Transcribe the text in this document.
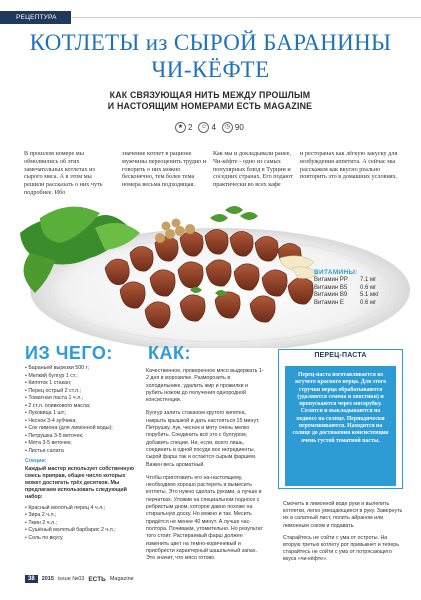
РЕЦЕПТУРА
КОТЛЕТЫ из СЫРОЙ БАРАНИНЫ
ЧИ-КЁФТЕ
КАК СВЯЗУЮЩАЯ НИТЬ МЕЖДУ ПРОШЛЫМ
И НАСТОЯЩИМ НОМЕРАМИ ЕСТЬ MAGAZINE
★ 2	☺ 4	◷ 90
В прошлом номере мы обмолвились об этих замечательных котлетах из сырого мяса. А в этом мы решили рассказать о них чуть подробнее. Ибо
значение котлет в рационе мужчины переоценить трудно и говорить о них можно бесконечно, тем более тема номера весьма подходящая.
Как мы и докладывали ранее, Чи-кёфте - одно из самых популярных блюд в Турции и соседних странах. Его подают практически во всех кафе
и ресторанах как лёгкую закуску для возбуждения аппетита. А сейчас мы расскажем как вкусно реально повторить это в домашних условиях.
ВИТАМИНЫ:
Витамин PP	7.1 мг
Витамин B5	0.6 мг
Витамин B9	5.1 мкг
Витамин E	0.6 мг
ИЗ ЧЕГО: КАК:
• Бараньей вырезки 500 г;
• Мелкий булгур 1 ст.;
• Кипяток 1 стакан;
• Перец острый 2 ст.л.;
• Томатная паста 1 ч.л.;
• 2 ст.л. оливкового масла;
• Луковица 1 шт.;
• Чеснок 3-4 зубчика;
• Сок лимона (для лимонной воды);
• Петрушка 3-5 веточек;
• Мята 3-5 веточек;
• Листья салата
Специи:
Каждый мастер использует собственную смесь приправ, общее число которых может достигать трёх десятков. Мы предлагаем использовать следующий набор:
• Красный молотый перец 4 ч.л.;
• Зира 2 ч.л.;
• Тмин 2 ч.л.;
• Сушёный молотый барбарис 2 ч.л.;
• Соль по вкусу.

Качественное, проверенное мясо выдержать 1-2 дня в морозилке. Разморозить в холодильнике, удалить жир и прожилки и рубить ножом до получения однородной консистенции.

Булгур залить стаканом крутого кипятка, накрыть крышкой и дать настояться 15 минут. Петрушку, лук, чеснок и мяту очень мелко порубить. Соединить всё это с булгуром, добавить специи. Ни, если, всего лишь, соединить в одной посуде все ингредиенты, сырой фарш так и остаётся сырым фаршем. Важен весь ароматный.

Чтобы приготовить его на-настоящему, необходимо хорошо растереть и вымесить котлеты. Это нужно сделать руками, а лучше в перчатках. Уложив на специальном подносе с ребристым дном, которое давно похоже на стиральную доску. Но можно и так. Месить придётся не менее 40 минут. А лучше час-полтора. Почиваем, утомительно. Но результат того стоит. Растираемый фарш должен изменить цвет на темно-коричневый и приобрести характерный шашлычный запах. Это значит, что мясо готово.

ПЕРЕЦ-ПАСТА
Перец-паста изготавливается из жгучего красного перца. Для этого стручки перца обрабатываются (удаляются семена и хвостики) и пропускаются через мясорубку. Солятся и выкладываются на подносе на солнце. Периодически перемешиваются. Находятся на солнце до достижения консистенции очень густой томатной пасты.

Смочить в лимонной воде руки и вылепить котлетки, легко умещающиеся в руку. Завернуть их в салатный лист, полить айраном или лимонным соком и подавать.

Старайтесь не сойти с ума от остроты. На вторую третью котлету рот привыкнет и теперь старайтесь не сойти с ума от потрясающего вкуса «чи-кёфте».

38	2015 issue №03 ЕСТЬ Magazine
